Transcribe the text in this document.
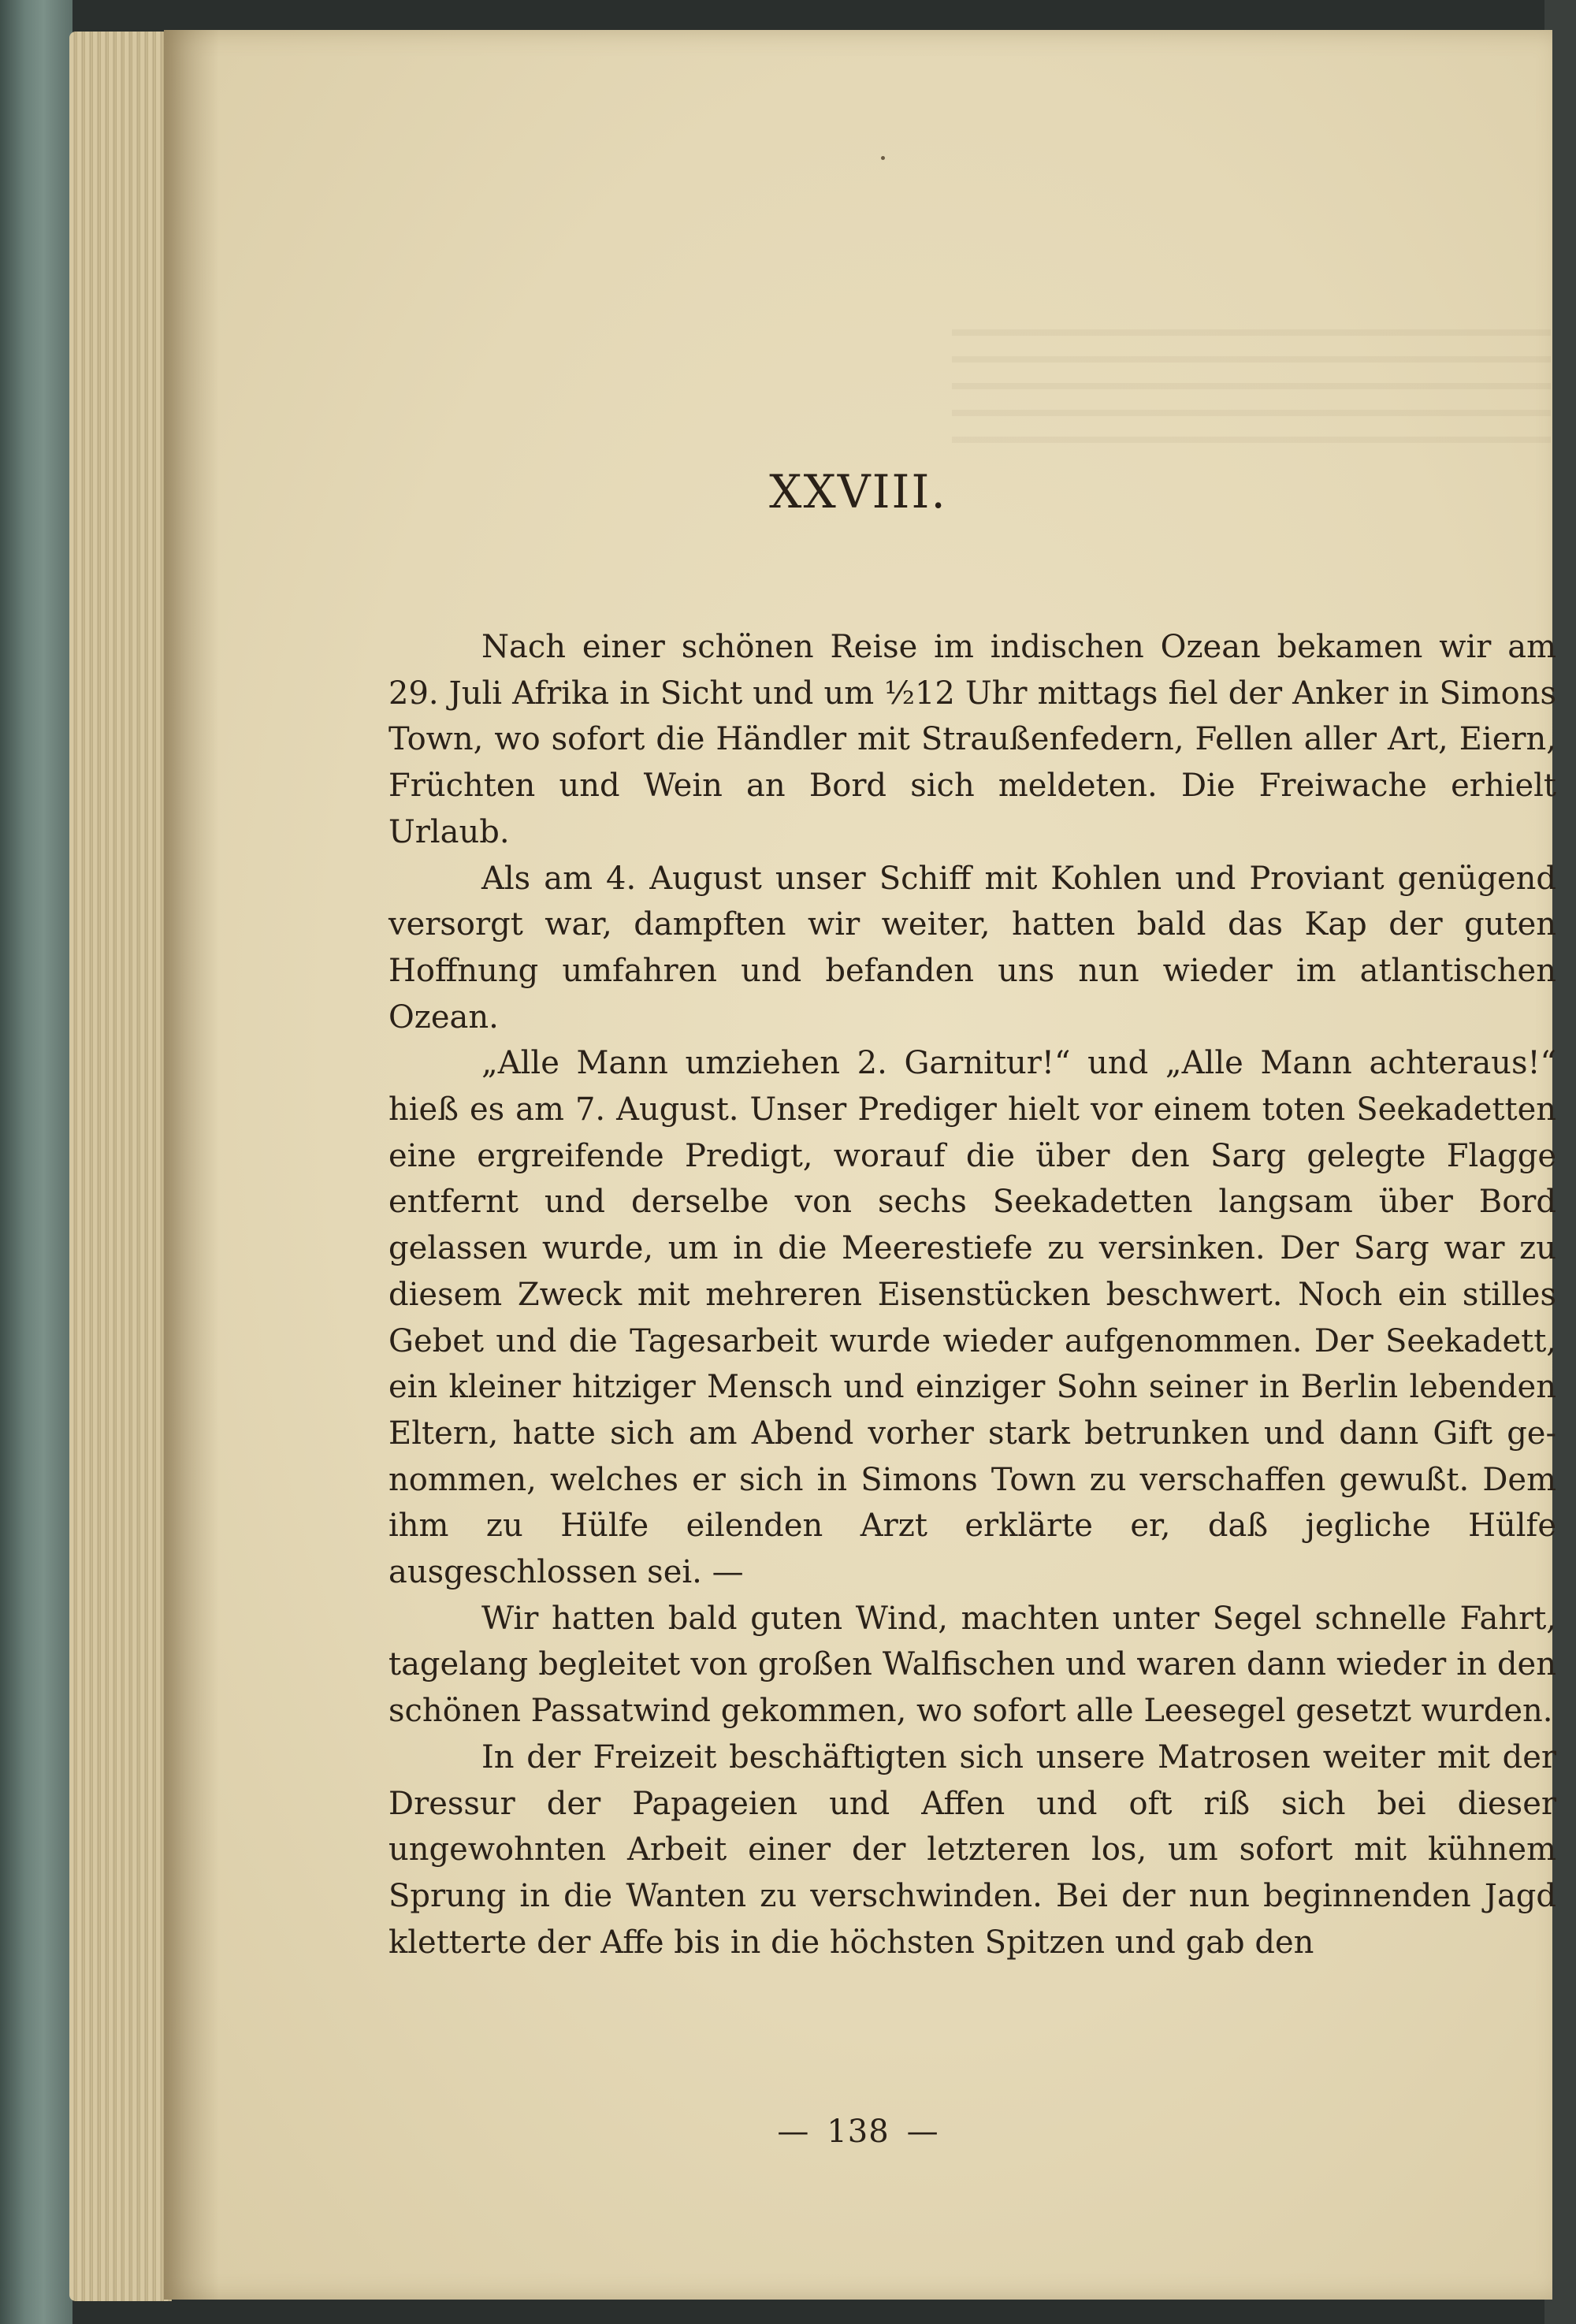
XXVIII.

Nach einer schönen Reise im indischen Ozean bekamen wir am 29. Juli Afrika in Sicht und um ½12 Uhr mittags fiel der Anker in Simons Town, wo sofort die Händler mit Straußenfedern, Fellen aller Art, Eiern, Früchten und Wein an Bord sich meldeten. Die Freiwache erhielt Urlaub.

Als am 4. August unser Schiff mit Kohlen und Proviant genügend versorgt war, dampften wir weiter, hatten bald das Kap der guten Hoffnung umfahren und befanden uns nun wieder im atlantischen Ozean.

„Alle Mann umziehen 2. Garnitur!“ und „Alle Mann achteraus!“ hieß es am 7. August. Unser Prediger hielt vor einem toten Seekadetten eine ergreifende Predigt, worauf die über den Sarg gelegte Flagge entfernt und derselbe von sechs Seekadetten langsam über Bord gelassen wurde, um in die Meerestiefe zu versinken. Der Sarg war zu diesem Zweck mit mehreren Eisenstücken beschwert. Noch ein stilles Gebet und die Tagesarbeit wurde wieder aufgenommen. Der Seekadett, ein kleiner hitziger Mensch und einziger Sohn seiner in Berlin lebenden Eltern, hatte sich am Abend vorher stark betrunken und dann Gift genommen, welches er sich in Simons Town zu verschaffen gewußt. Dem ihm zu Hülfe eilenden Arzt erklärte er, daß jegliche Hülfe ausgeschlossen sei. —

Wir hatten bald guten Wind, machten unter Segel schnelle Fahrt, tagelang begleitet von großen Walfischen und waren dann wieder in den schönen Passatwind gekommen, wo sofort alle Leesegel gesetzt wurden.

In der Freizeit beschäftigten sich unsere Matrosen weiter mit der Dressur der Papageien und Affen und oft riß sich bei dieser ungewohnten Arbeit einer der letzteren los, um sofort mit kühnem Sprung in die Wanten zu verschwinden. Bei der nun beginnenden Jagd kletterte der Affe bis in die höchsten Spitzen und gab den

— 138 —
